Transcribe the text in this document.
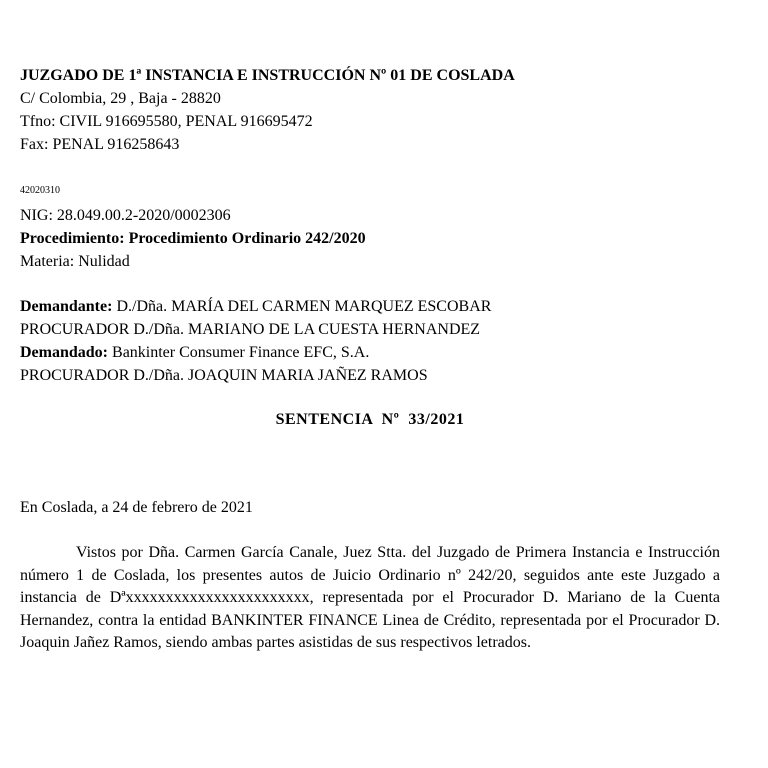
JUZGADO DE 1ª INSTANCIA E INSTRUCCIÓN Nº 01 DE COSLADA
C/ Colombia, 29 , Baja - 28820
Tfno: CIVIL 916695580, PENAL 916695472
Fax: PENAL 916258643
42020310
NIG: 28.049.00.2-2020/0002306
Procedimiento: Procedimiento Ordinario 242/2020
Materia: Nulidad
Demandante: D./Dña. MARÍA DEL CARMEN MARQUEZ ESCOBAR
PROCURADOR D./Dña. MARIANO DE LA CUESTA HERNANDEZ
Demandado: Bankinter Consumer Finance EFC, S.A.
PROCURADOR D./Dña. JOAQUIN MARIA JAÑEZ RAMOS
SENTENCIA  Nº  33/2021
En Coslada, a 24 de febrero de 2021
Vistos por Dña. Carmen García Canale, Juez Stta. del Juzgado de Primera Instancia e Instrucción número 1 de Coslada, los presentes autos de Juicio Ordinario nº 242/20, seguidos ante este Juzgado a instancia de Dªxxxxxxxxxxxxxxxxxxxxxxx, representada por el Procurador D. Mariano de la Cuenta Hernandez, contra la entidad BANKINTER FINANCE Linea de Crédito, representada por el Procurador D. Joaquin Jañez Ramos, siendo ambas partes asistidas de sus respectivos letrados.
